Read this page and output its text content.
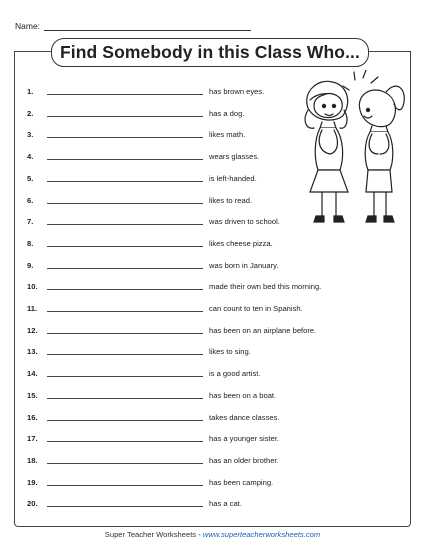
Name:
Find Somebody in this Class Who...
1.	has brown eyes.
2.	has a dog.
3.	likes math.
4.	wears glasses.
5.	is left-handed.
6.	likes to read.
7.	was driven to school.
8.	likes cheese pizza.
9.	was born in January.
10.	made their own bed this morning.
11.	can count to ten in Spanish.
12.	has been on an airplane before.
13.	likes to sing.
14.	is a good artist.
15.	has been on a boat.
16.	takes dance classes.
17.	has a younger sister.
18.	has an older brother.
19.	has been camping.
20.	has a cat.
Super Teacher Worksheets - www.superteacherworksheets.com
